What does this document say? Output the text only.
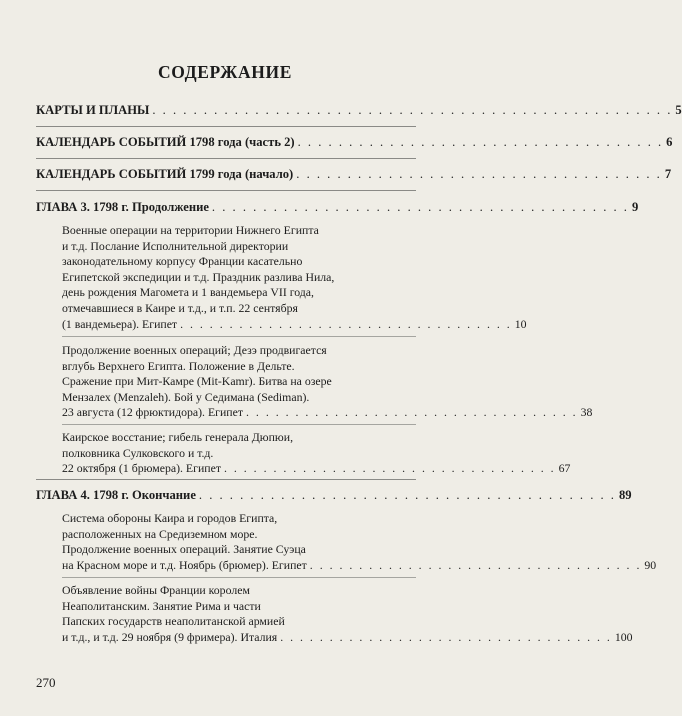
СОДЕРЖАНИЕ
КАРТЫ И ПЛАНЫ . . . . . . . . . . . . . . . . . . . . . . . . . . . . . . . . . . . . . . . . . . . . . . . . . . . 5
КАЛЕНДАРЬ СОБЫТИЙ 1798 года (часть 2) . . . . . . . . . . . . . . . . . . . . . . . . . . . . . . . . . . . . 6
КАЛЕНДАРЬ СОБЫТИЙ 1799 года (начало) . . . . . . . . . . . . . . . . . . . . . . . . . . . . . . . . . . . . 7
ГЛАВА 3. 1798 г. Продолжение . . . . . . . . . . . . . . . . . . . . . . . . . . . . . . . . . . . . . . . . . 9
Военные операции на территории Нижнего Египта
и т.д. Послание Исполнительной директории
законодательному корпусу Франции касательно
Египетской экспедиции и т.д. Праздник разлива Нила,
день рождения Магомета и 1 вандемьера VII года,
отмечавшиеся в Каире и т.д., и т.п. 22 сентября
(1 вандемьера). Египет . . . . . . . . . . . . . . . . . . . . . . . . . . . . . . . . . . 10
Продолжение военных операций; Дезэ продвигается
вглубь Верхнего Египта. Положение в Дельте.
Сражение при Мит-Камре (Mit-Kamr). Битва на озере
Мензалех (Menzaleh). Бой у Седимана (Sediman).
23 августа (12 фрюктидора). Египет . . . . . . . . . . . . . . . . . . . . . . . . . . . . . . . . . . 38
Каирское восстание; гибель генерала Дюпюи,
полковника Сулковского и т.д.
22 октября (1 брюмера). Египет . . . . . . . . . . . . . . . . . . . . . . . . . . . . . . . . . . 67
ГЛАВА 4. 1798 г. Окончание . . . . . . . . . . . . . . . . . . . . . . . . . . . . . . . . . . . . . . . . . 89
Система обороны Каира и городов Египта,
расположенных на Средиземном море.
Продолжение военных операций. Занятие Суэца
на Красном море и т.д. Ноябрь (брюмер). Египет . . . . . . . . . . . . . . . . . . . . . . . . . . . . . . . . . . 90
Объявление войны Франции королем
Неаполитанским. Занятие Рима и части
Папских государств неаполитанской армией
и т.д., и т.д. 29 ноября (9 фримера). Италия . . . . . . . . . . . . . . . . . . . . . . . . . . . . . . . . . . 100
270
